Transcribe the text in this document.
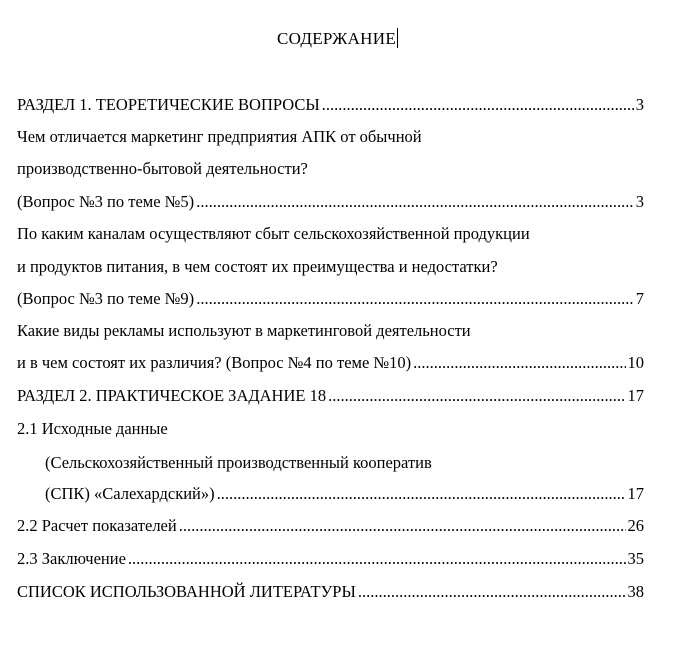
СОДЕРЖАНИЕ
РАЗДЕЛ 1. ТЕОРЕТИЧЕСКИЕ ВОПРОСЫ .....	3
Чем отличается маркетинг предприятия АПК от обычной
производственно-бытовой деятельности?
(Вопрос №3 по теме №5) .....	3
По каким каналам осуществляют сбыт сельскохозяйственной продукции
и продуктов питания, в чем состоят их преимущества и недостатки?
(Вопрос №3 по теме №9) .....	7
Какие виды рекламы используют в маркетинговой деятельности
и в чем состоят их различия? (Вопрос №4 по теме №10) .....	10
РАЗДЕЛ 2. ПРАКТИЧЕСКОЕ ЗАДАНИЕ 18 .....	17
2.1 Исходные данные
(Сельскохозяйственный производственный кооператив
(СПК) «Салехардский») .....	17
2.2 Расчет показателей .....	26
2.3 Заключение .....	35
СПИСОК ИСПОЛЬЗОВАННОЙ ЛИТЕРАТУРЫ .....	38
